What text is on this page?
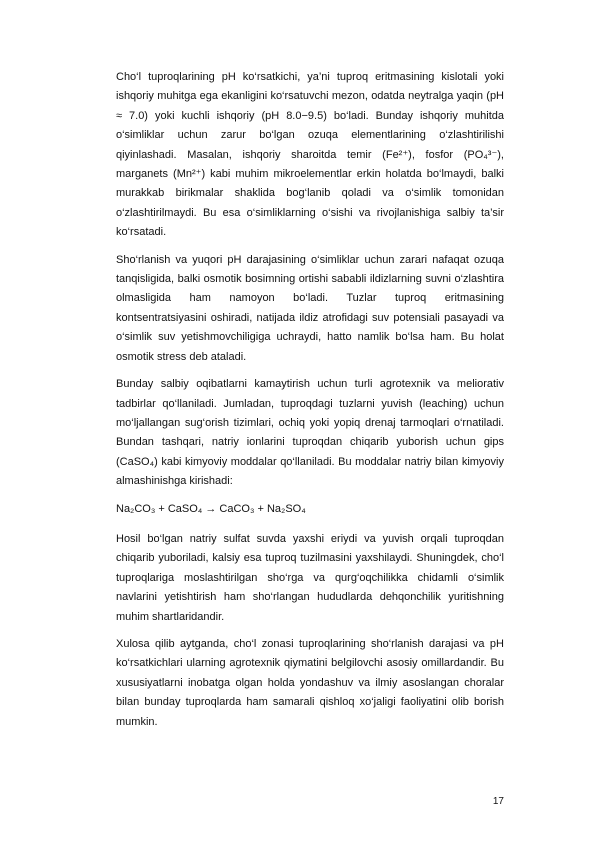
Cho‘l tuproqlarining pH ko‘rsatkichi, ya’ni tuproq eritmasining kislotali yoki ishqoriy muhitga ega ekanligini ko‘rsatuvchi mezon, odatda neytralga yaqin (pH ≈ 7.0) yoki kuchli ishqoriy (pH 8.0−9.5) bo‘ladi. Bunday ishqoriy muhitda o‘simliklar uchun zarur bo‘lgan ozuqa elementlarining o‘zlashtirilishi qiyinlashadi. Masalan, ishqoriy sharoitda temir (Fe²⁺), fosfor (PO₄³⁻), marganets (Mn²⁺) kabi muhim mikroelementlar erkin holatda bo‘lmaydi, balki murakkab birikmalar shaklida bog‘lanib qoladi va o‘simlik tomonidan o‘zlashtirilmaydi. Bu esa o‘simliklarning o‘sishi va rivojlanishiga salbiy ta’sir ko‘rsatadi.

Sho‘rlanish va yuqori pH darajasining o‘simliklar uchun zarari nafaqat ozuqa tanqisligida, balki osmotik bosimning ortishi sababli ildizlarning suvni o‘zlashtira olmasligida ham namoyon bo‘ladi. Tuzlar tuproq eritmasining kontsentratsiyasini oshiradi, natijada ildiz atrofidagi suv potensiali pasayadi va o‘simlik suv yetishmovchiligiga uchraydi, hatto namlik bo‘lsa ham. Bu holat osmotik stress deb ataladi.

Bunday salbiy oqibatlarni kamaytirish uchun turli agrotexnik va meliorativ tadbirlar qo‘llaniladi. Jumladan, tuproqdagi tuzlarni yuvish (leaching) uchun mo‘ljallangan sug‘orish tizimlari, ochiq yoki yopiq drenaj tarmoqlari o‘rnatiladi. Bundan tashqari, natriy ionlarini tuproqdan chiqarib yuborish uchun gips (CaSO₄) kabi kimyoviy moddalar qo‘llaniladi. Bu moddalar natriy bilan kimyoviy almashinishga kirishadi:

Na₂CO₃ + CaSO₄ → CaCO₃ + Na₂SO₄

Hosil bo‘lgan natriy sulfat suvda yaxshi eriydi va yuvish orqali tuproqdan chiqarib yuboriladi, kalsiy esa tuproq tuzilmasini yaxshilaydi. Shuningdek, cho‘l tuproqlariga moslashtirilgan sho‘rga va qurg‘oqchilikka chidamli o‘simlik navlarini yetishtirish ham sho‘rlangan hududlarda dehqonchilik yuritishning muhim shartlaridandir.

Xulosa qilib aytganda, cho‘l zonasi tuproqlarining sho‘rlanish darajasi va pH ko‘rsatkichlari ularning agrotexnik qiymatini belgilovchi asosiy omillardandir. Bu xususiyatlarni inobatga olgan holda yondashuv va ilmiy asoslangan choralar bilan bunday tuproqlarda ham samarali qishloq xo‘jaligi faoliyatini olib borish mumkin.

17
